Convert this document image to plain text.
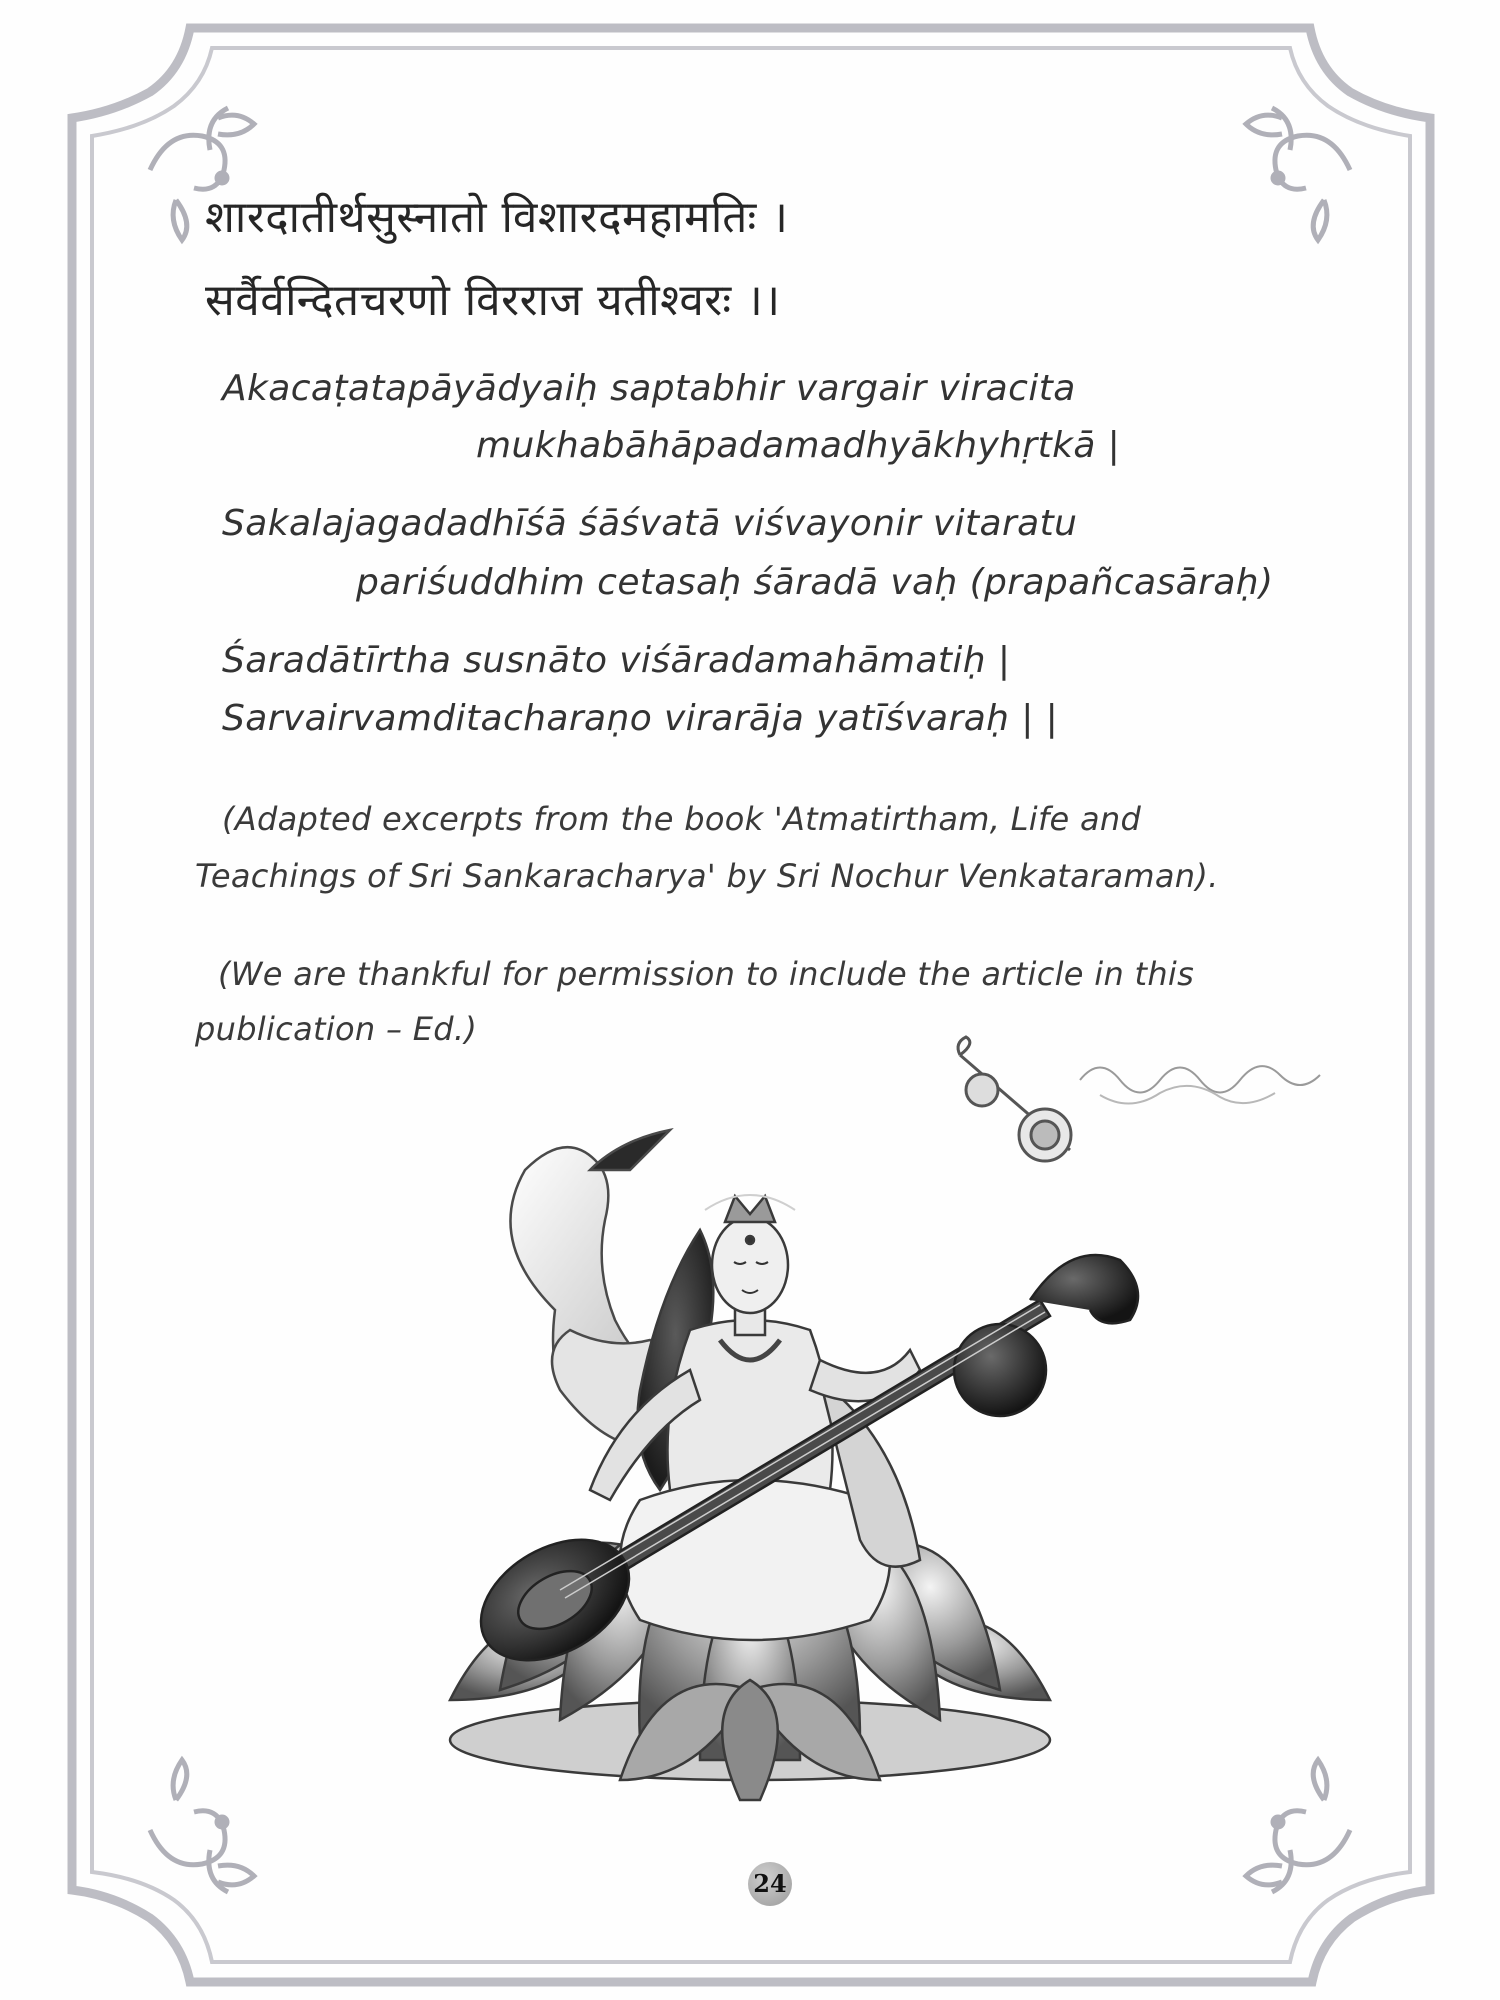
शारदातीर्थसुस्नातो विशारदमहामतिः ।
सर्वैर्वन्दितचरणो विरराज यतीश्वरः ।।
Akacaṭatapāyādyaiḥ saptabhir vargair viracita
mukhabāhāpadamadhyākhyhṛtkā |
Sakalajagadadhīśā śāśvatā viśvayonir vitaratu
pariśuddhim cetasaḥ śāradā vaḥ (prapañcasāraḥ)
Śaradātīrtha susnāto viśāradamahāmatiḥ |
Sarvairvamditacharaṇo virarāja yatīśvaraḥ | |
(Adapted excerpts from the book 'Atmatirtham, Life and
Teachings of Sri Sankaracharya' by Sri Nochur Venkataraman).
(We are thankful for permission to include the article in this
publication – Ed.)
24
